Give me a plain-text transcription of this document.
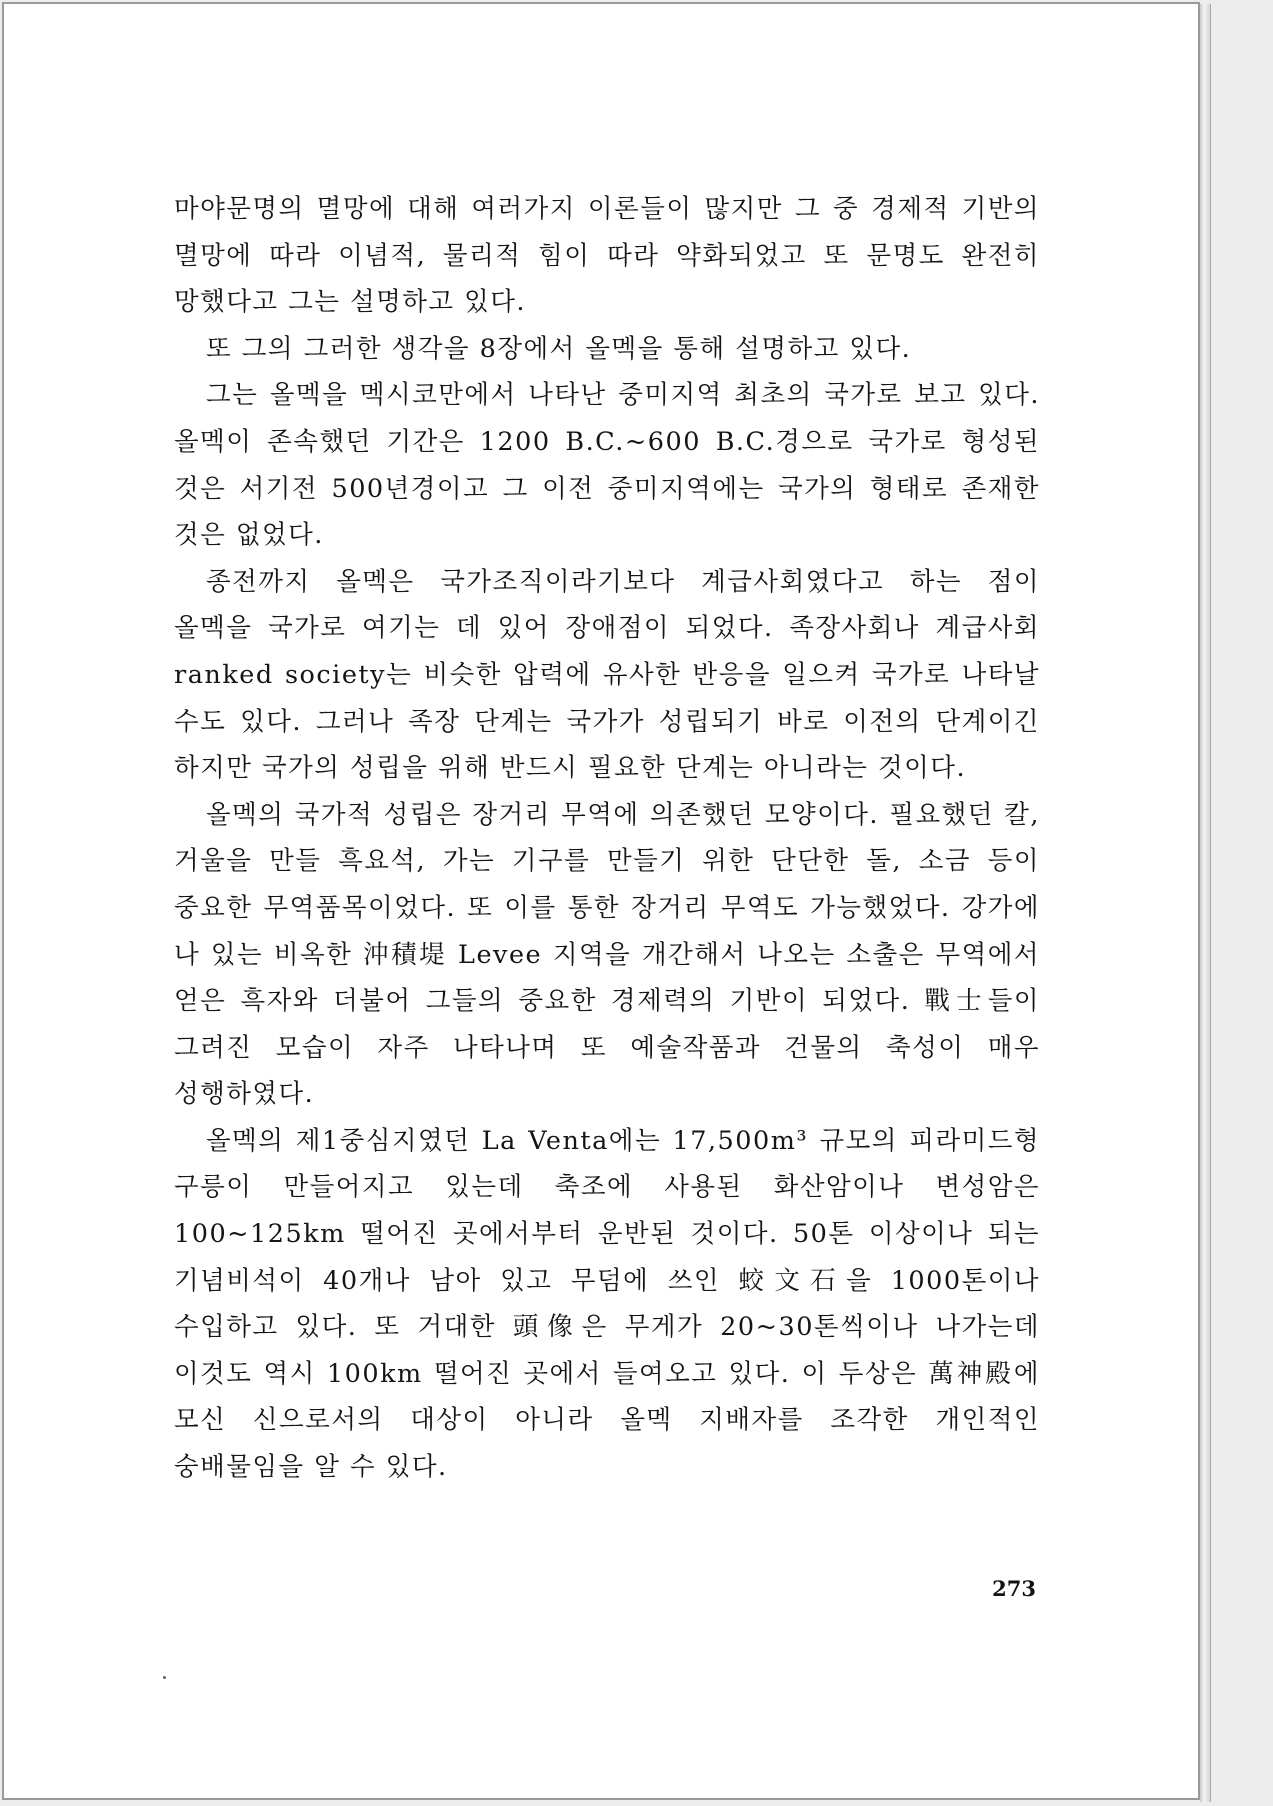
마야문명의 멸망에 대해 여러가지 이론들이 많지만 그 중 경제적 기반의 멸망에 따라 이념적, 물리적 힘이 따라 약화되었고 또 문명도 완전히 망했다고 그는 설명하고 있다.

또 그의 그러한 생각을 8장에서 올멕을 통해 설명하고 있다.

그는 올멕을 멕시코만에서 나타난 중미지역 최초의 국가로 보고 있다. 올멕이 존속했던 기간은 1200 B.C.~600 B.C.경으로 국가로 형성된 것은 서기전 500년경이고 그 이전 중미지역에는 국가의 형태로 존재한 것은 없었다.

종전까지 올멕은 국가조직이라기보다 계급사회였다고 하는 점이 올멕을 국가로 여기는 데 있어 장애점이 되었다. 족장사회나 계급사회 ranked society는 비슷한 압력에 유사한 반응을 일으켜 국가로 나타날 수도 있다. 그러나 족장 단계는 국가가 성립되기 바로 이전의 단계이긴 하지만 국가의 성립을 위해 반드시 필요한 단계는 아니라는 것이다.

올멕의 국가적 성립은 장거리 무역에 의존했던 모양이다. 필요했던 칼, 거울을 만들 흑요석, 가는 기구를 만들기 위한 단단한 돌, 소금 등이 중요한 무역품목이었다. 또 이를 통한 장거리 무역도 가능했었다. 강가에 나 있는 비옥한 沖積堤 Levee 지역을 개간해서 나오는 소출은 무역에서 얻은 흑자와 더불어 그들의 중요한 경제력의 기반이 되었다. 戰士들이 그려진 모습이 자주 나타나며 또 예술작품과 건물의 축성이 매우 성행하였다.

올멕의 제1중심지였던 La Venta에는 17,500m³ 규모의 피라미드형 구릉이 만들어지고 있는데 축조에 사용된 화산암이나 변성암은 100~125km 떨어진 곳에서부터 운반된 것이다. 50톤 이상이나 되는 기념비석이 40개나 남아 있고 무덤에 쓰인 蛟文石을 1000톤이나 수입하고 있다. 또 거대한 頭像은 무게가 20~30톤씩이나 나가는데 이것도 역시 100km 떨어진 곳에서 들여오고 있다. 이 두상은 萬神殿에 모신 신으로서의 대상이 아니라 올멕 지배자를 조각한 개인적인 숭배물임을 알 수 있다.

273
